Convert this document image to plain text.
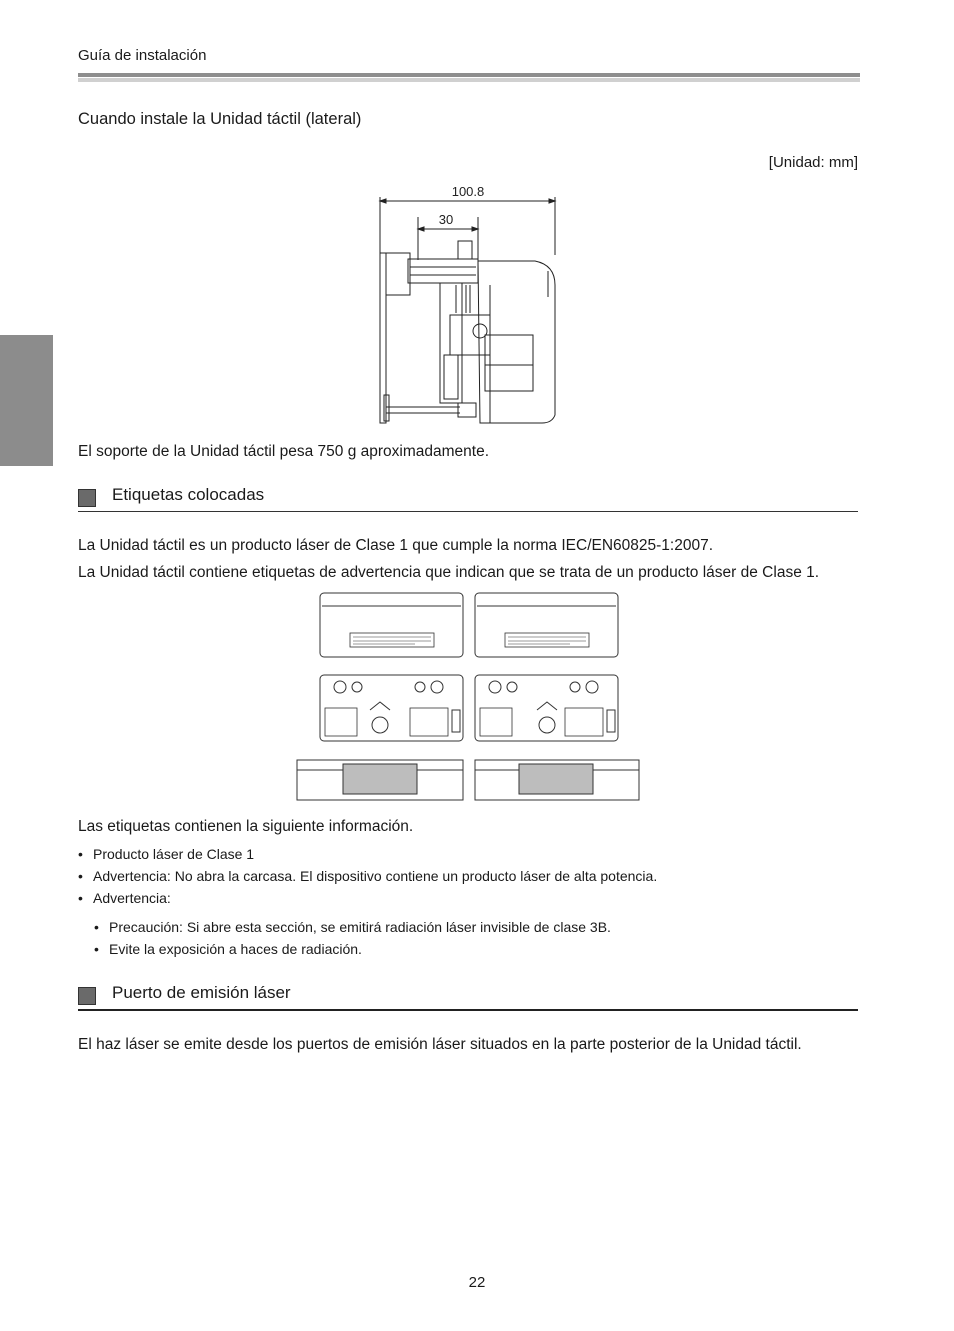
Guía de instalación
Cuando instale la Unidad táctil (lateral)
[Unidad: mm]
100.8
30
El soporte de la Unidad táctil pesa 750 g aproximadamente.
Etiquetas colocadas
La Unidad táctil es un producto láser de Clase 1 que cumple la norma IEC/EN60825-1:2007.
La Unidad táctil contiene etiquetas de advertencia que indican que se trata de un producto láser de Clase 1.
Las etiquetas contienen la siguiente información.
• Producto láser de Clase 1
• Advertencia: No abra la carcasa. El dispositivo contiene un producto láser de alta potencia.
• Advertencia:
• Precaución: Si abre esta sección, se emitirá radiación láser invisible de clase 3B.
• Evite la exposición a haces de radiación.
Puerto de emisión láser
El haz láser se emite desde los puertos de emisión láser situados en la parte posterior de la Unidad táctil.
22
